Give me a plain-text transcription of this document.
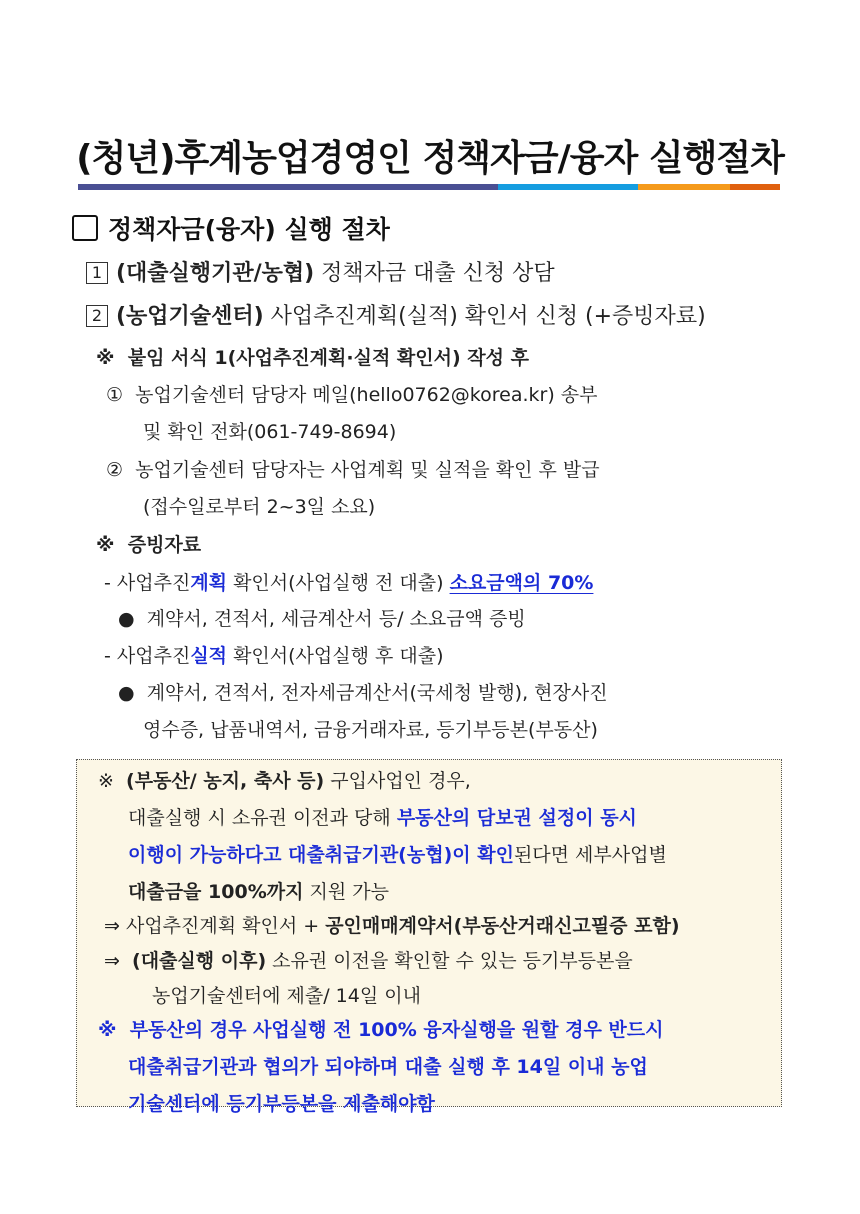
(청년)후계농업경영인 정책자금/융자 실행절차
정책자금(융자) 실행 절차
1 (대출실행기관/농협) 정책자금 대출 신청 상담
2 (농업기술센터) 사업추진계획(실적) 확인서 신청 (+증빙자료)
※ 붙임 서식 1(사업추진계획·실적 확인서) 작성 후
① 농업기술센터 담당자 메일(hello0762@korea.kr) 송부
및 확인 전화(061-749-8694)
② 농업기술센터 담당자는 사업계획 및 실적을 확인 후 발급
(접수일로부터 2~3일 소요)
※ 증빙자료
- 사업추진계획 확인서(사업실행 전 대출) 소요금액의 70%
● 계약서, 견적서, 세금계산서 등/ 소요금액 증빙
- 사업추진실적 확인서(사업실행 후 대출)
● 계약서, 견적서, 전자세금계산서(국세청 발행), 현장사진
영수증, 납품내역서, 금융거래자료, 등기부등본(부동산)
※ (부동산/ 농지, 축사 등) 구입사업인 경우,
대출실행 시 소유권 이전과 당해 부동산의 담보권 설정이 동시
이행이 가능하다고 대출취급기관(농협)이 확인된다면 세부사업별
대출금을 100%까지 지원 가능
⇒ 사업추진계획 확인서 + 공인매매계약서(부동산거래신고필증 포함)
⇒ (대출실행 이후) 소유권 이전을 확인할 수 있는 등기부등본을
농업기술센터에 제출/ 14일 이내
※ 부동산의 경우 사업실행 전 100% 융자실행을 원할 경우 반드시
대출취급기관과 협의가 되야하며 대출 실행 후 14일 이내 농업
기술센터에 등기부등본을 제출해야함
